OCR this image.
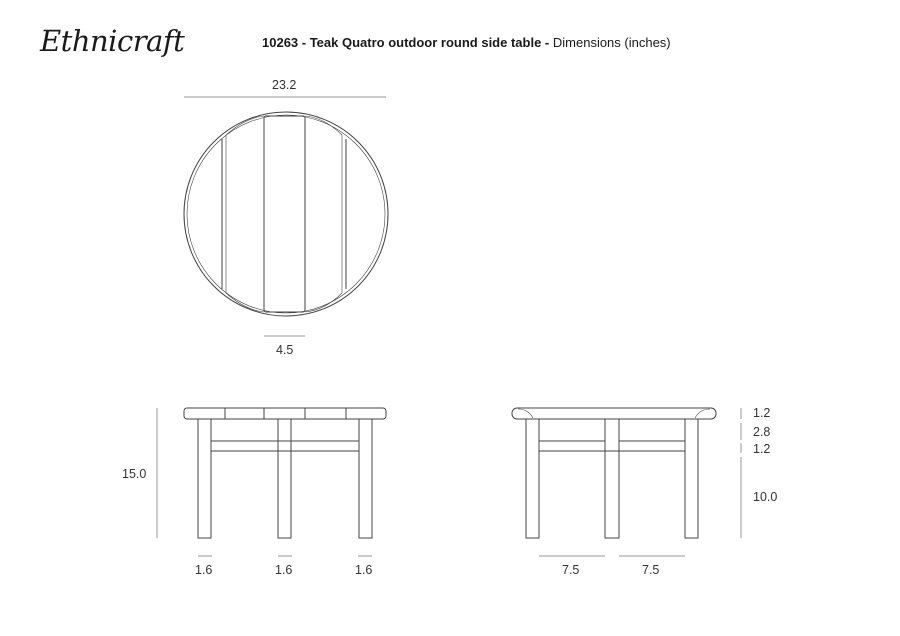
Ethnicraft	10263 - Teak Quatro outdoor round side table - Dimensions (inches)
23.2
4.5
15.0
1.6	1.6	1.6	7.5	7.5
1.2
2.8
1.2
10.0
